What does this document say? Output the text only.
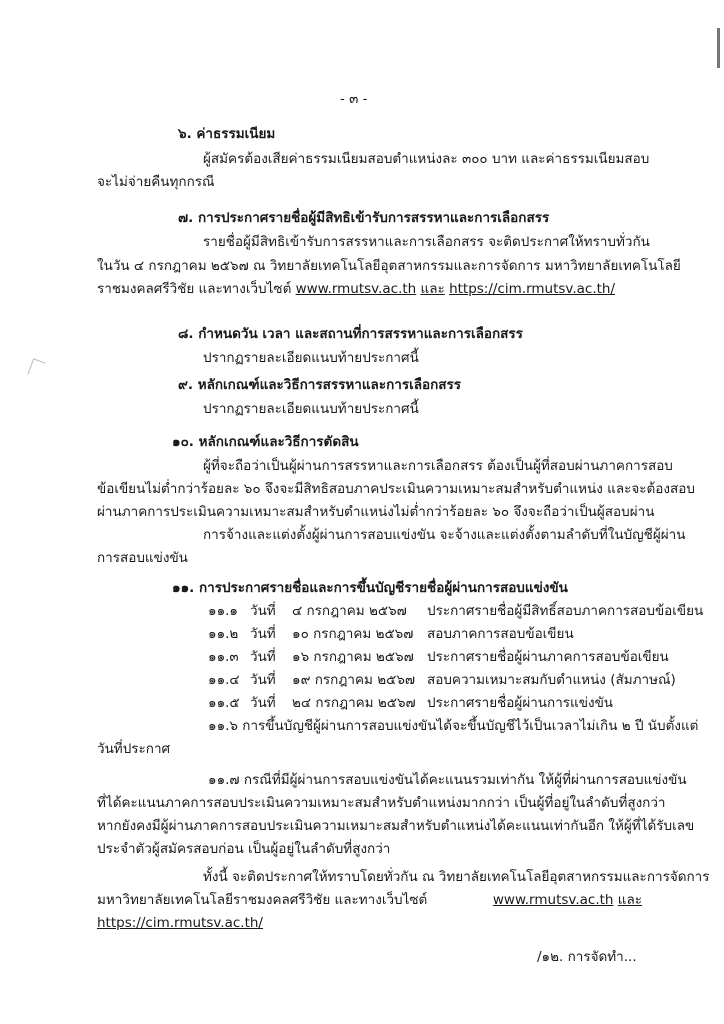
- ๓ -
๖. ค่าธรรมเนียม
ผู้สมัครต้องเสียค่าธรรมเนียมสอบตำแหน่งละ ๓๐๐ บาท และค่าธรรมเนียมสอบ
จะไม่จ่ายคืนทุกกรณี
๗. การประกาศรายชื่อผู้มีสิทธิเข้ารับการสรรหาและการเลือกสรร
รายชื่อผู้มีสิทธิเข้ารับการสรรหาและการเลือกสรร จะติดประกาศให้ทราบทั่วกัน
ในวัน ๔ กรกฎาคม ๒๕๖๗ ณ วิทยาลัยเทคโนโลยีอุตสาหกรรมและการจัดการ มหาวิทยาลัยเทคโนโลยี
ราชมงคลศรีวิชัย และทางเว็บไซต์ www.rmutsv.ac.th และ https://cim.rmutsv.ac.th/
๘. กำหนดวัน เวลา และสถานที่การสรรหาและการเลือกสรร
ปรากฏรายละเอียดแนบท้ายประกาศนี้
๙. หลักเกณฑ์และวิธีการสรรหาและการเลือกสรร
ปรากฏรายละเอียดแนบท้ายประกาศนี้
๑๐. หลักเกณฑ์และวิธีการตัดสิน
ผู้ที่จะถือว่าเป็นผู้ผ่านการสรรหาและการเลือกสรร ต้องเป็นผู้ที่สอบผ่านภาคการสอบ
ข้อเขียนไม่ต่ำกว่าร้อยละ ๖๐ จึงจะมีสิทธิสอบภาคประเมินความเหมาะสมสำหรับตำแหน่ง และจะต้องสอบ
ผ่านภาคการประเมินความเหมาะสมสำหรับตำแหน่งไม่ต่ำกว่าร้อยละ ๖๐ จึงจะถือว่าเป็นผู้สอบผ่าน
การจ้างและแต่งตั้งผู้ผ่านการสอบแข่งขัน จะจ้างและแต่งตั้งตามลำดับที่ในบัญชีผู้ผ่าน
การสอบแข่งขัน
๑๑. การประกาศรายชื่อและการขึ้นบัญชีรายชื่อผู้ผ่านการสอบแข่งขัน
๑๑.๑ วันที่ ๔ กรกฎาคม ๒๕๖๗ ประกาศรายชื่อผู้มีสิทธิ์สอบภาคการสอบข้อเขียน
๑๑.๒ วันที่ ๑๐ กรกฎาคม ๒๕๖๗ สอบภาคการสอบข้อเขียน
๑๑.๓ วันที่ ๑๖ กรกฎาคม ๒๕๖๗ ประกาศรายชื่อผู้ผ่านภาคการสอบข้อเขียน
๑๑.๔ วันที่ ๑๙ กรกฎาคม ๒๕๖๗ สอบความเหมาะสมกับตำแหน่ง (สัมภาษณ์)
๑๑.๕ วันที่ ๒๔ กรกฎาคม ๒๕๖๗ ประกาศรายชื่อผู้ผ่านการแข่งขัน
๑๑.๖ การขึ้นบัญชีผู้ผ่านการสอบแข่งขันได้จะขึ้นบัญชีไว้เป็นเวลาไม่เกิน ๒ ปี นับตั้งแต่
วันที่ประกาศ
๑๑.๗ กรณีที่มีผู้ผ่านการสอบแข่งขันได้คะแนนรวมเท่ากัน ให้ผู้ที่ผ่านการสอบแข่งขัน
ที่ได้คะแนนภาคการสอบประเมินความเหมาะสมสำหรับตำแหน่งมากกว่า เป็นผู้ที่อยู่ในลำดับที่สูงกว่า
หากยังคงมีผู้ผ่านภาคการสอบประเมินความเหมาะสมสำหรับตำแหน่งได้คะแนนเท่ากันอีก ให้ผู้ที่ได้รับเลข
ประจำตัวผู้สมัครสอบก่อน เป็นผู้อยู่ในลำดับที่สูงกว่า
ทั้งนี้ จะติดประกาศให้ทราบโดยทั่วกัน ณ วิทยาลัยเทคโนโลยีอุตสาหกรรมและการจัดการ
มหาวิทยาลัยเทคโนโลยีราชมงคลศรีวิชัย และทางเว็บไซต์	www.rmutsv.ac.th และ
https://cim.rmutsv.ac.th/
/๑๒. การจัดทำ...
